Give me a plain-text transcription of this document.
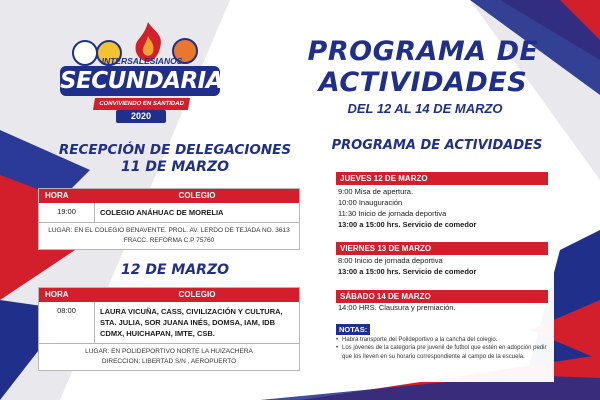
INTERSALESIANOS
SECUNDARIAS
CONVIVIENDO EN SANTIDAD
2020
PROGRAMA DE
ACTIVIDADES
DEL 12 AL 14 DE MARZO
RECEPCIÓN DE DELEGACIONES
11 DE MARZO
HORA	COLEGIO
19:00	COLEGIO ANÁHUAC DE MORELIA
LUGAR: EN EL COLEGIO BENAVENTE. PROL. AV. LERDO DE TEJADA NO. 3613 FRACC. REFORMA C.P 75760
12 DE MARZO
HORA	COLEGIO
08:00	LAURA VICUÑA, CASS, CIVILIZACIÓN Y CULTURA, STA. JULIA, SOR JUANA INÉS, DOMSA, IAM, IDB CDMX, HUICHAPAN, IMTE, CSB.
LUGAR: EN POLIDEPORTIVO NORTE LA HUIZACHERA
DIRECCION: LIBERTAD S/N , AEROPUERTO
PROGRAMA DE ACTIVIDADES
JUEVES 12 DE MARZO
9:00 Misa de apertura.
10:00 Inauguración
11:30 Inicio de jornada deportiva
13:00 a 15:00 hrs. Servicio de comedor
VIERNES 13 DE MARZO
8:00 Inicio de jornada deportiva
13:00 a 15:00 hrs. Servicio de comedor
SÁBADO 14 DE MARZO
14:00 HRS. Clausura y premiación.
NOTAS:
• Habrá transporte del Polideportivo a la cancha del colegio.
• Los jóvenes de la categoría pre juvenil de futbol que estén en adopción pedir que los lleven en su horario correspondiente al campo de la escuela.
